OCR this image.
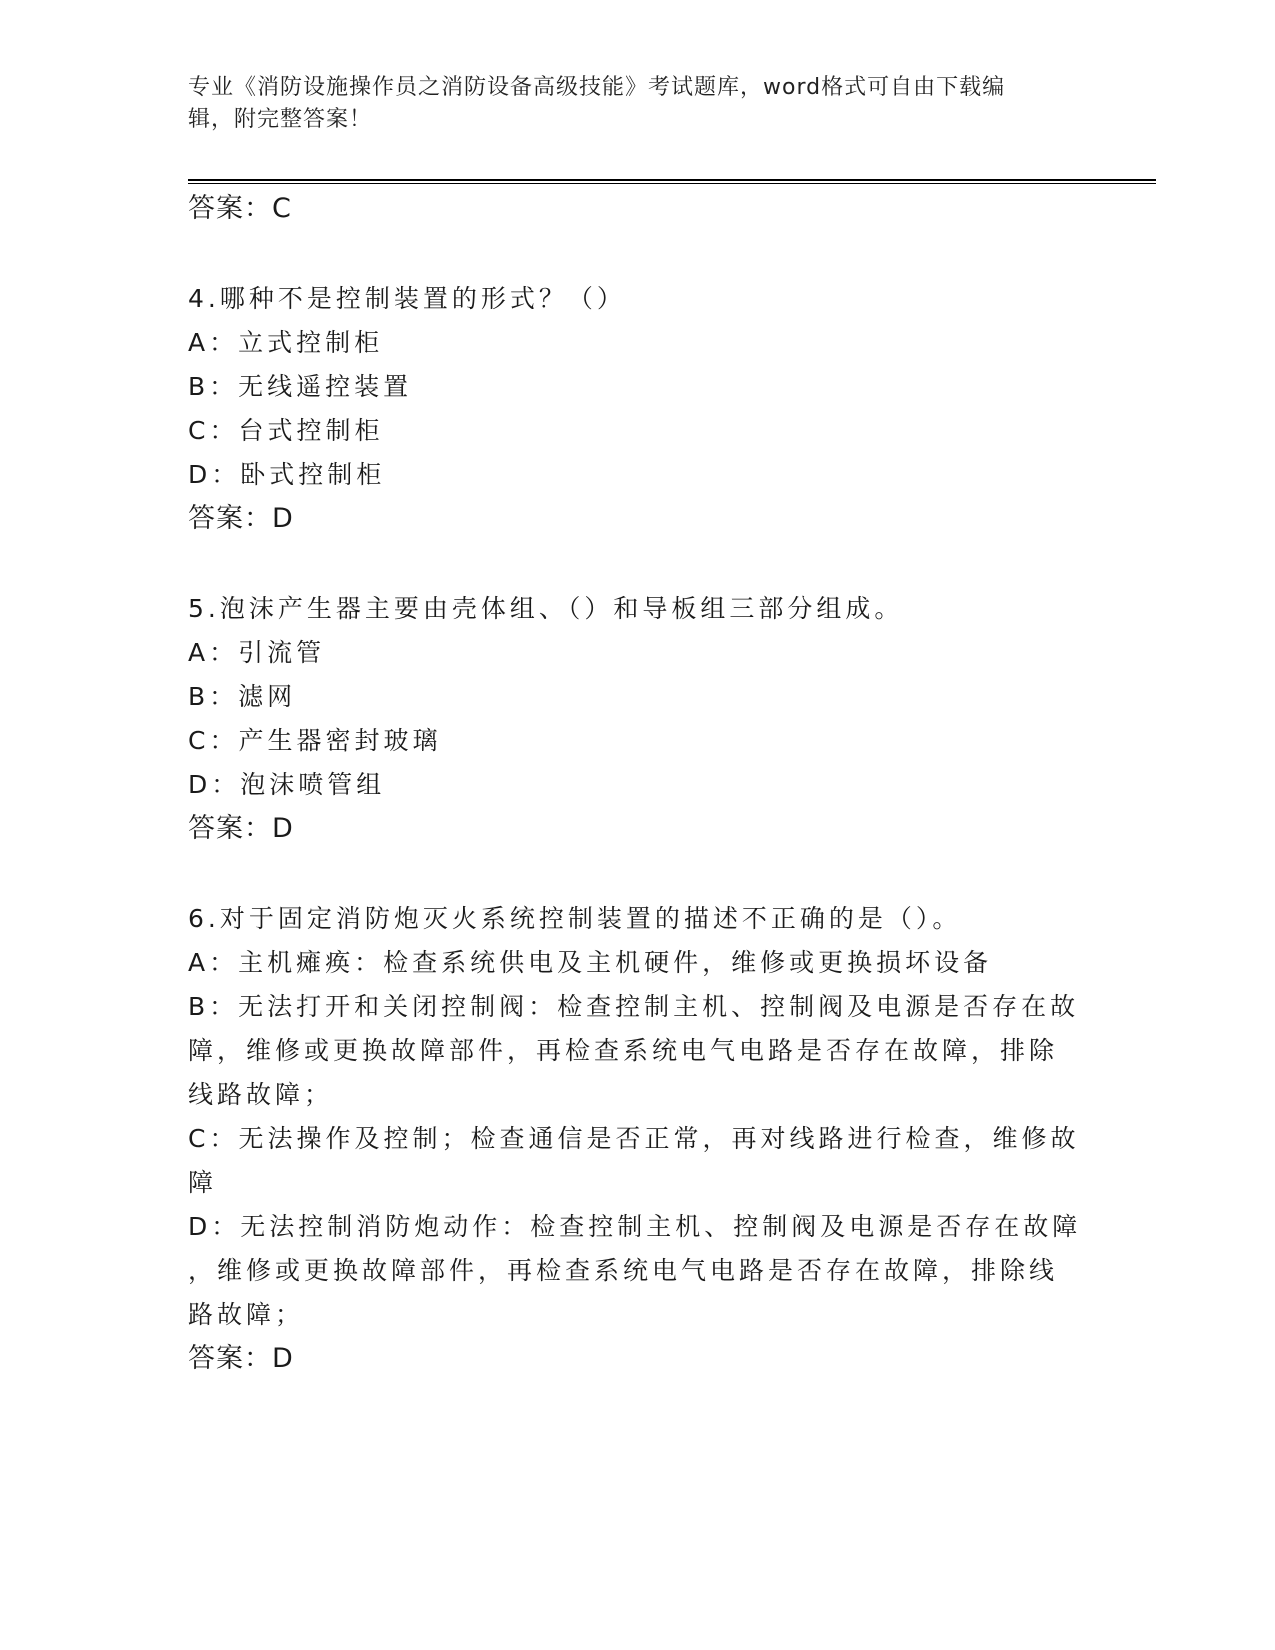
专业《消防设施操作员之消防设备高级技能》考试题库，word格式可自由下载编
辑，附完整答案！
答案：C
4.哪种不是控制装置的形式？（）
A：立式控制柜
B：无线遥控装置
C：台式控制柜
D：卧式控制柜
答案：D
5.泡沫产生器主要由壳体组、（）和导板组三部分组成。
A：引流管
B：滤网
C：产生器密封玻璃
D：泡沫喷管组
答案：D
6.对于固定消防炮灭火系统控制装置的描述不正确的是（）。
A：主机瘫痪：检查系统供电及主机硬件，维修或更换损坏设备
B：无法打开和关闭控制阀：检查控制主机、控制阀及电源是否存在故
障，维修或更换故障部件，再检查系统电气电路是否存在故障，排除
线路故障；
C：无法操作及控制；检查通信是否正常，再对线路进行检查，维修故
障
D：无法控制消防炮动作：检查控制主机、控制阀及电源是否存在故障
，维修或更换故障部件，再检查系统电气电路是否存在故障，排除线
路故障；
答案：D
